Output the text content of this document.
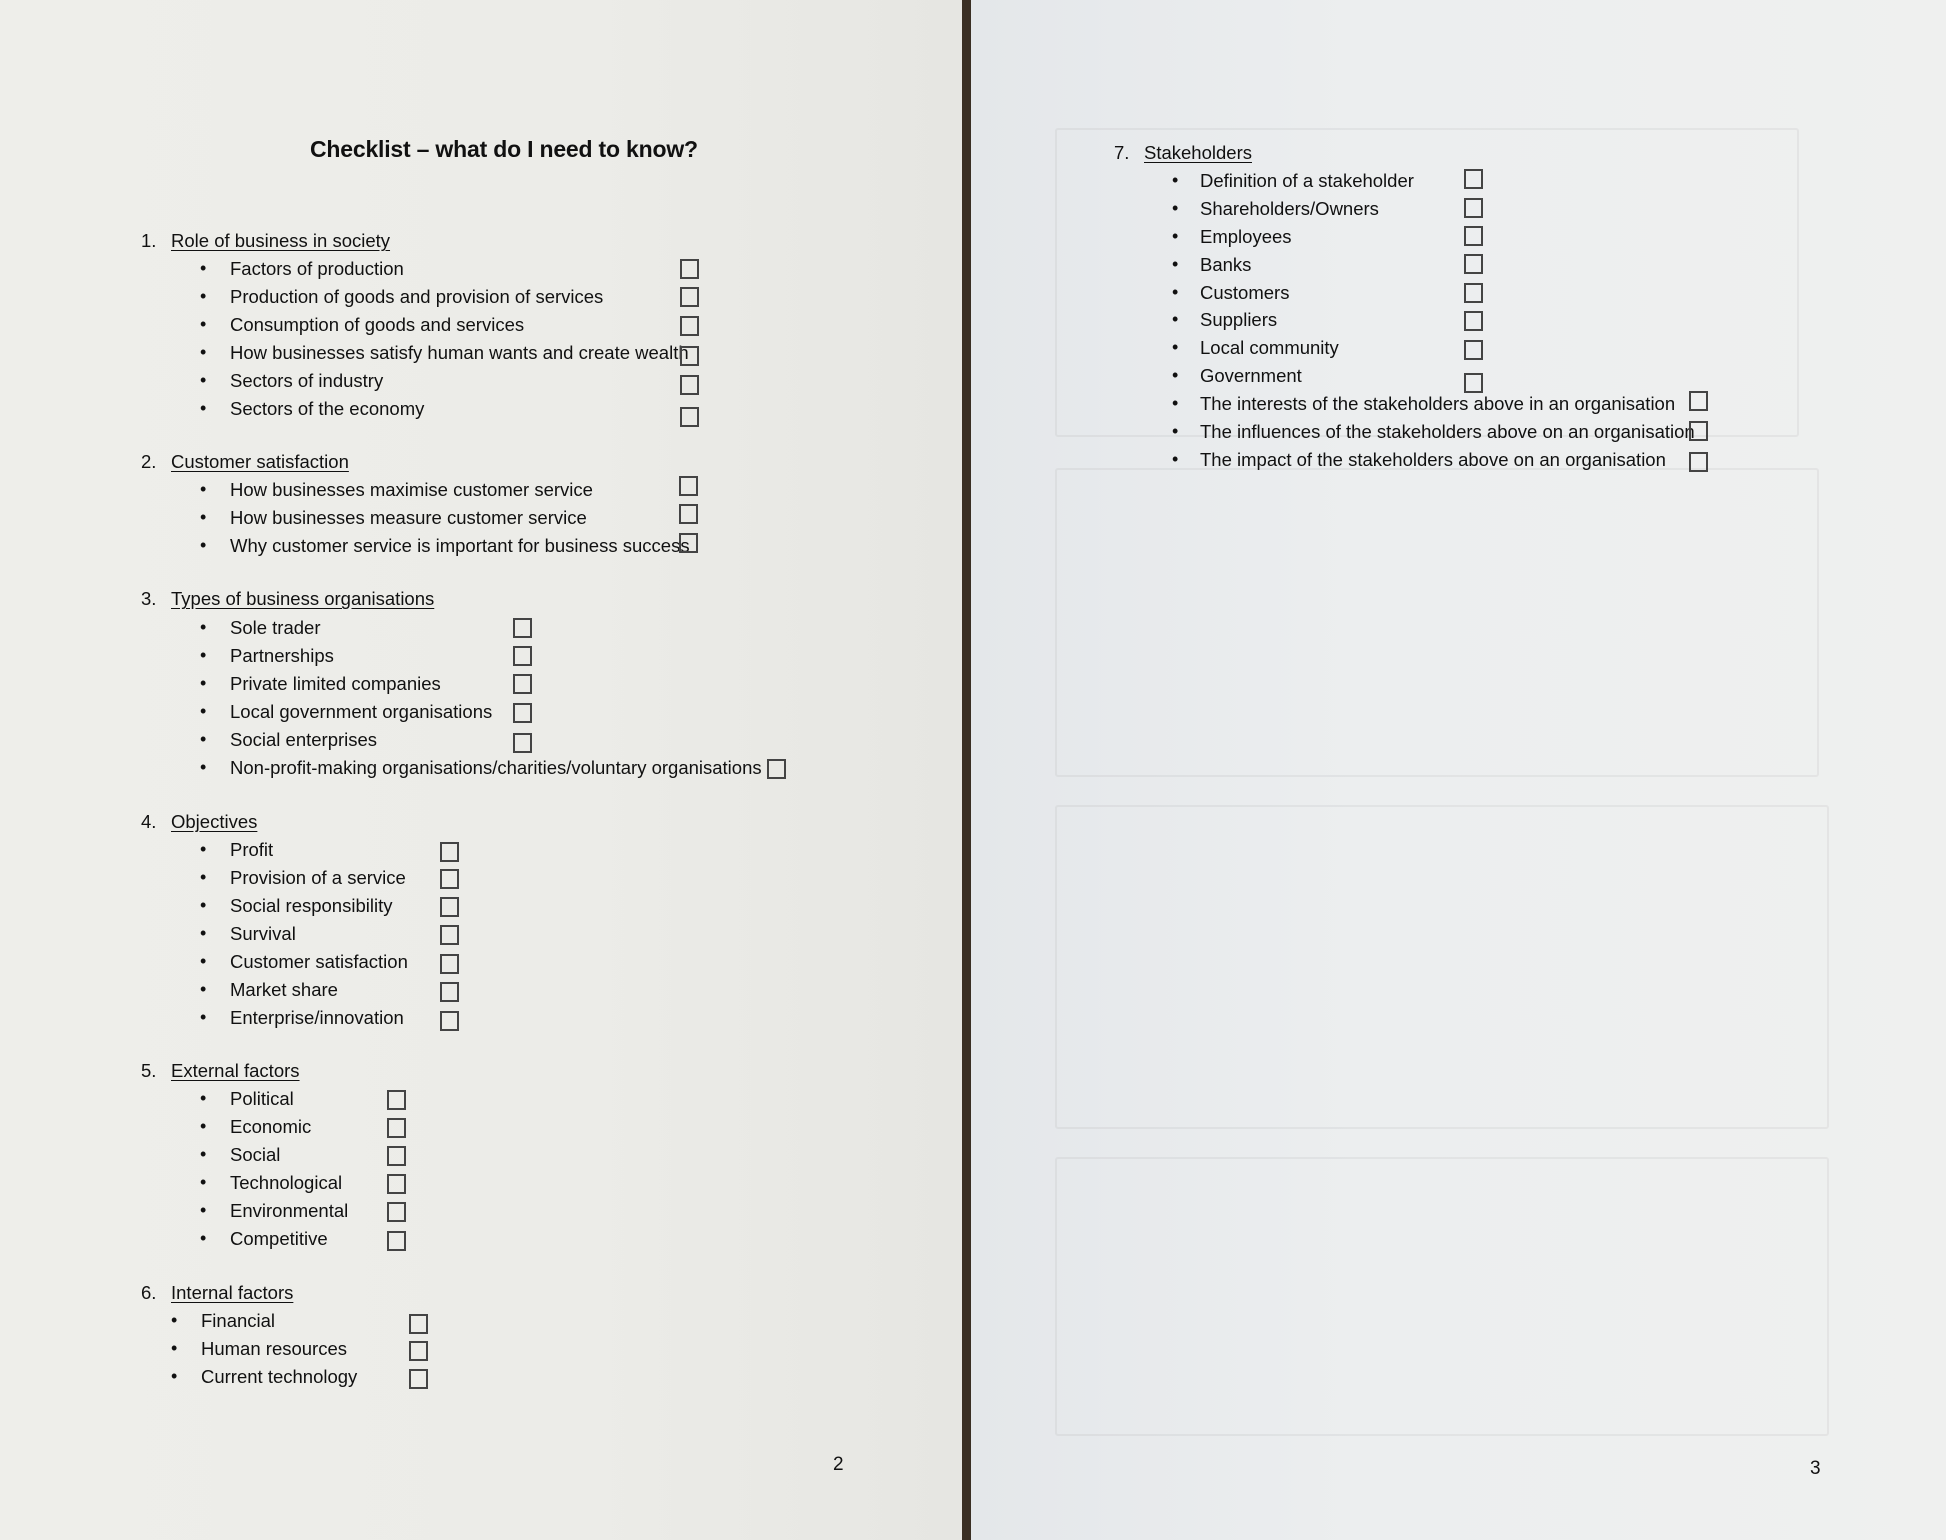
Checklist – what do I need to know?
1. Role of business in society
• Factors of production
• Production of goods and provision of services
• Consumption of goods and services
• How businesses satisfy human wants and create wealth
• Sectors of industry
• Sectors of the economy
2. Customer satisfaction
• How businesses maximise customer service
• How businesses measure customer service
• Why customer service is important for business success
3. Types of business organisations
• Sole trader
• Partnerships
• Private limited companies
• Local government organisations
• Social enterprises
• Non-profit-making organisations/charities/voluntary organisations
4. Objectives
• Profit
• Provision of a service
• Social responsibility
• Survival
• Customer satisfaction
• Market share
• Enterprise/innovation
5. External factors
• Political
• Economic
• Social
• Technological
• Environmental
• Competitive
6. Internal factors
• Financial
• Human resources
• Current technology
2
7. Stakeholders
• Definition of a stakeholder
• Shareholders/Owners
• Employees
• Banks
• Customers
• Suppliers
• Local community
• Government
• The interests of the stakeholders above in an organisation
• The influences of the stakeholders above on an organisation
• The impact of the stakeholders above on an organisation
3
